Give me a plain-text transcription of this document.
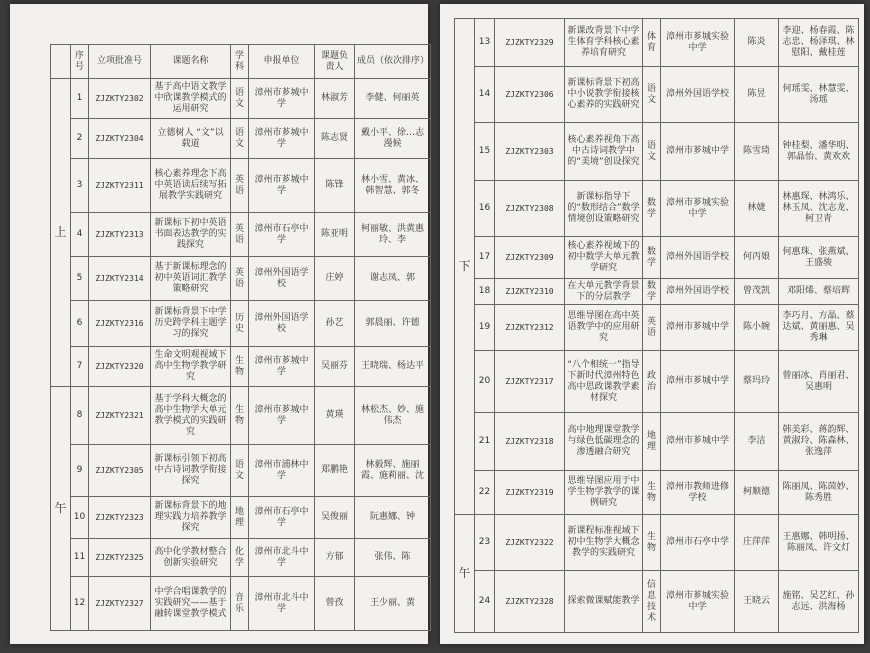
	序号	立项批准号	课题名称	学科	申报单位	课题负责人	成员（依次排序）
上	1	ZJZKTY2302	基于高中语文教学中欣课教学模式的运用研究	语文	漳州市芗城中学	林淑芳	李健、何丽英
	2	ZJZKTY2304	立德树人 “文”以载道	语文	漳州市芗城中学	陈志贤	戴小平、徐…志漫候
	3	ZJZKTY2311	核心素养理念下高中英语读后续写拓展教学实践研究	英语	漳州市芗城中学	陈锋	林小雪、黄冰、韩智慧、郭冬
	4	ZJZKTY2313	新课标下初中英语书面表达教学的实践探究	英语	漳州市石亭中学	陈亚明	柯丽敏、洪黄惠玲、李
	5	ZJZKTY2314	基于新课标理念的初中英语词汇教学策略研究	英语	漳州外国语学校	庄婷	谢志凤、郭
	6	ZJZKTY2316	新课标背景下中学历史跨学科主题学习的探究	历史	漳州外国语学校	孙艺	郭晨丽、许德
	7	ZJZKTY2320	生命文明观视域下高中生物学教学研究	生物	漳州市芗城中学	吴丽芬	王晓瑞、杨达平
午	8	ZJZKTY2321	基于学科大概念的高中生物学大单元教学模式的实践研究	生物	漳州市芗城中学	黄瑛	林松杰、妙、施伟杰
	9	ZJZKTY2305	新课标引领下初高中古诗词教学衔接探究	语文	漳州市浦林中学	郑鹏艳	林毅辉、施丽霞、施莉丽、沈
	10	ZJZKTY2323	新课标背景下的地理实践力培养教学探究	地理	漳州市石亭中学	吴俊丽	阮惠娜、钟
	11	ZJZKTY2325	高中化学教材整合创新实验研究	化学	漳州市北斗中学	方郁	张伟、陈
	12	ZJZKTY2327	中学合唱课教学的实践研究——基于融转课堂教学模式	音乐	漳州市北斗中学	曾孜	王少丽、黄
下	13	ZJZKTY2329	新课改背景下中学生体育学科核心素养培育研究	体育	漳州市芗城实验中学	陈炎	李迎、杨春霞、陈志忠、杨泽琪、林慰阳、戴桂莲
	14	ZJZKTY2306	新课标背景下初高中小说教学衔接核心素养的实践研究	语文	漳州外国语学校	陈昱	何瑶雯、林慧雯、汤瑶
	15	ZJZKTY2303	核心素养视角下高中古诗词教学中的“美境”创设探究	语文	漳州市芗城中学	陈雪琦	钟桂梨、潘华明、郭晶怡、黄欢欢
	16	ZJZKTY2308	新课标指导下的“数形结合”数学情境创设策略研究	数学	漳州市芗城实验中学	林婕	林惠琛、林鸿乐、林玉凤、沈志龙、柯卫青
	17	ZJZKTY2309	核心素养视域下的初中数学大单元教学研究	数学	漳州外国语学校	何丙娘	何惠珠、张燕斌、王盛骏
	18	ZJZKTY2310	在大单元教学背景下的分层教学	数学	漳州外国语学校	曾茂凯	邓阳烯、蔡培辉
	19	ZJZKTY2312	思维导图在高中英语教学中的应用研究	英语	漳州市芗城中学	陈小婉	李巧月、方晶、蔡达斌、黄丽惠、吴秀琳
	20	ZJZKTY2317	“八个相统一”指导下新时代漳州特色高中思政课教学素材探究	政治	漳州市芗城中学	蔡玛玲	曾丽冰、肖丽君、吴惠明
	21	ZJZKTY2318	高中地理课堂教学与绿色低碳理念的渗透融合研究	地理	漳州市芗城中学	李洁	韩美彩、蒋韵辉、黄淑玲、陈森林、张逸萍
	22	ZJZKTY2319	思维导图应用于中学生物学教学的课例研究	生物	漳州市教师进修学校	柯顺德	陈丽凤、陈茵妙、陈秀胜
午	23	ZJZKTY2322	新课程标准视域下初中生物学大概念教学的实践研究	生物	漳州市石亭中学	庄萍萍	王惠娜、韩明扬、陈丽凤、许文灯
	24	ZJZKTY2328	探索微课赋能教学	信息技术	漳州市芗城实验中学	王晓云	施铭、吴艺红、孙志远、洪海杨
